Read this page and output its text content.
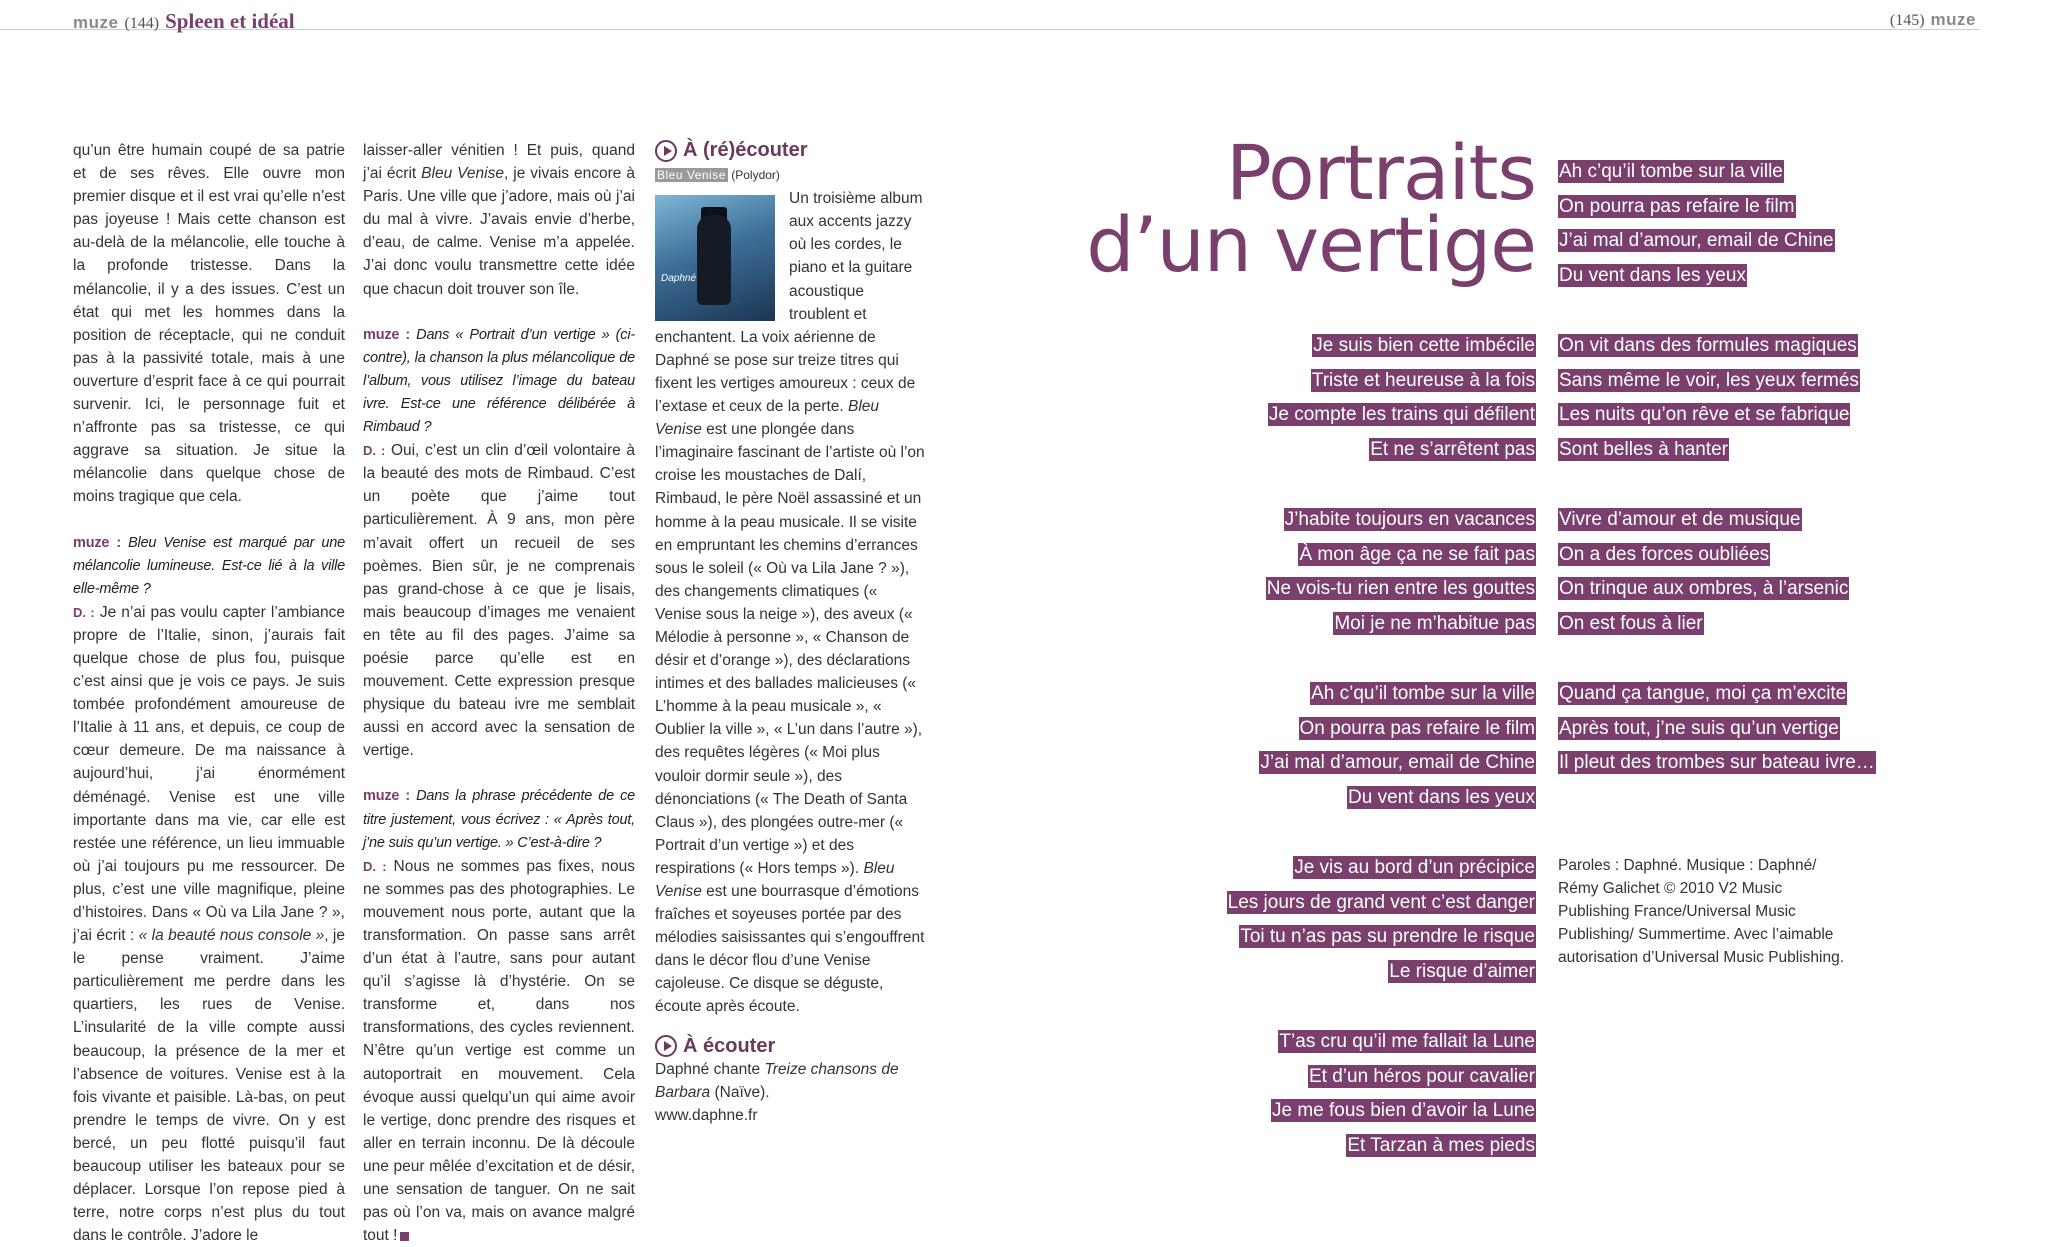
muze (144) Spleen et idéal	(145) muze

qu’un être humain coupé de sa patrie et de ses rêves. Elle ouvre mon premier disque et il est vrai qu’elle n’est pas joyeuse ! Mais cette chanson est au-delà de la mélancolie, elle touche à la profonde tristesse. Dans la mélancolie, il y a des issues. C’est un état qui met les hommes dans la position de réceptacle, qui ne conduit pas à la passivité totale, mais à une ouverture d’esprit face à ce qui pourrait survenir. Ici, le personnage fuit et n’affronte pas sa tristesse, ce qui aggrave sa situation. Je situe la mélancolie dans quelque chose de moins tragique que cela.

muze : Bleu Venise est marqué par une mélancolie lumineuse. Est-ce lié à la ville elle-même ?

D. : Je n’ai pas voulu capter l’ambiance propre de l’Italie, sinon, j’aurais fait quelque chose de plus fou, puisque c’est ainsi que je vois ce pays. Je suis tombée profondément amoureuse de l’Italie à 11 ans, et depuis, ce coup de cœur demeure. De ma naissance à aujourd’hui, j’ai énormément déménagé. Venise est une ville importante dans ma vie, car elle est restée une référence, un lieu immuable où j’ai toujours pu me ressourcer. De plus, c’est une ville magnifique, pleine d’histoires. Dans « Où va Lila Jane ? », j’ai écrit : « la beauté nous console », je le pense vraiment. J’aime particulièrement me perdre dans les quartiers, les rues de Venise. L’insularité de la ville compte aussi beaucoup, la présence de la mer et l’absence de voitures. Venise est à la fois vivante et paisible. Là-bas, on peut prendre le temps de vivre. On y est bercé, un peu flotté puisqu’il faut beaucoup utiliser les bateaux pour se déplacer. Lorsque l’on repose pied à terre, notre corps n’est plus du tout dans le contrôle. J’adore le

laisser-aller vénitien ! Et puis, quand j’ai écrit Bleu Venise, je vivais encore à Paris. Une ville que j’adore, mais où j’ai du mal à vivre. J’avais envie d’herbe, d’eau, de calme. Venise m’a appelée. J’ai donc voulu transmettre cette idée que chacun doit trouver son île.

muze : Dans « Portrait d’un vertige » (ci-contre), la chanson la plus mélancolique de l’album, vous utilisez l’image du bateau ivre. Est-ce une référence délibérée à Rimbaud ?

D. : Oui, c’est un clin d’œil volontaire à la beauté des mots de Rimbaud. C’est un poète que j’aime tout particulièrement. À 9 ans, mon père m’avait offert un recueil de ses poèmes. Bien sûr, je ne comprenais pas grand-chose à ce que je lisais, mais beaucoup d’images me venaient en tête au fil des pages. J’aime sa poésie parce qu’elle est en mouvement. Cette expression presque physique du bateau ivre me semblait aussi en accord avec la sensation de vertige.

muze : Dans la phrase précédente de ce titre justement, vous écrivez : « Après tout, j’ne suis qu’un vertige. » C’est-à-dire ?

D. : Nous ne sommes pas fixes, nous ne sommes pas des photographies. Le mouvement nous porte, autant que la transformation. On passe sans arrêt d’un état à l’autre, sans pour autant qu’il s’agisse là d’hystérie. On se transforme et, dans nos transformations, des cycles reviennent. N’être qu’un vertige est comme un autoportrait en mouvement. Cela évoque aussi quelqu’un qui aime avoir le vertige, donc prendre des risques et aller en terrain inconnu. De là découle une peur mêlée d’excitation et de désir, une sensation de tanguer. On ne sait pas où l’on va, mais on avance malgré tout !

À (ré)écouter
Bleu Venise (Polydor)
Daphné

Un troisième album aux accents jazzy où les cordes, le piano et la guitare acoustique troublent et enchantent. La voix aérienne de Daphné se pose sur treize titres qui fixent les vertiges amoureux : ceux de l’extase et ceux de la perte. Bleu Venise est une plongée dans l’imaginaire fascinant de l’artiste où l’on croise les moustaches de Dalí, Rimbaud, le père Noël assassiné et un homme à la peau musicale. Il se visite en empruntant les chemins d’errances sous le soleil (« Où va Lila Jane ? »), des changements climatiques (« Venise sous la neige »), des aveux (« Mélodie à personne », « Chanson de désir et d’orange »), des déclarations intimes et des ballades malicieuses (« L’homme à la peau musicale », « Oublier la ville », « L’un dans l’autre »), des requêtes légères (« Moi plus vouloir dormir seule »), des dénonciations (« The Death of Santa Claus »), des plongées outre-mer (« Portrait d’un vertige ») et des respirations (« Hors temps »). Bleu Venise est une bourrasque d’émotions fraîches et soyeuses portée par des mélodies saisissantes qui s’engouffrent dans le décor flou d’une Venise cajoleuse. Ce disque se déguste, écoute après écoute.

À écouter

Daphné chante Treize chansons de Barbara (Naïve).

www.daphne.fr

Portraits
d’un vertige
Ah c’qu’il tombe sur la ville
On pourra pas refaire le film
J’ai mal d’amour, email de Chine
Du vent dans les yeux
Je suis bien cette imbécile
Triste et heureuse à la fois
Je compte les trains qui défilent
Et ne s’arrêtent pas
On vit dans des formules magiques
Sans même le voir, les yeux fermés
Les nuits qu’on rêve et se fabrique
Sont belles à hanter
J’habite toujours en vacances
À mon âge ça ne se fait pas
Ne vois-tu rien entre les gouttes
Moi je ne m’habitue pas
Vivre d’amour et de musique
On a des forces oubliées
On trinque aux ombres, à l’arsenic
On est fous à lier
Ah c’qu’il tombe sur la ville
On pourra pas refaire le film
J’ai mal d’amour, email de Chine
Du vent dans les yeux
Quand ça tangue, moi ça m’excite
Après tout, j’ne suis qu’un vertige
Il pleut des trombes sur bateau ivre…
Je vis au bord d’un précipice
Les jours de grand vent c’est danger
Toi tu n’as pas su prendre le risque
Le risque d’aimer
Paroles : Daphné. Musique : Daphné/ Rémy Galichet © 2010 V2 Music Publishing France/Universal Music Publishing/ Summertime. Avec l’aimable autorisation d’Universal Music Publishing.
T’as cru qu’il me fallait la Lune
Et d’un héros pour cavalier
Je me fous bien d’avoir la Lune
Et Tarzan à mes pieds
